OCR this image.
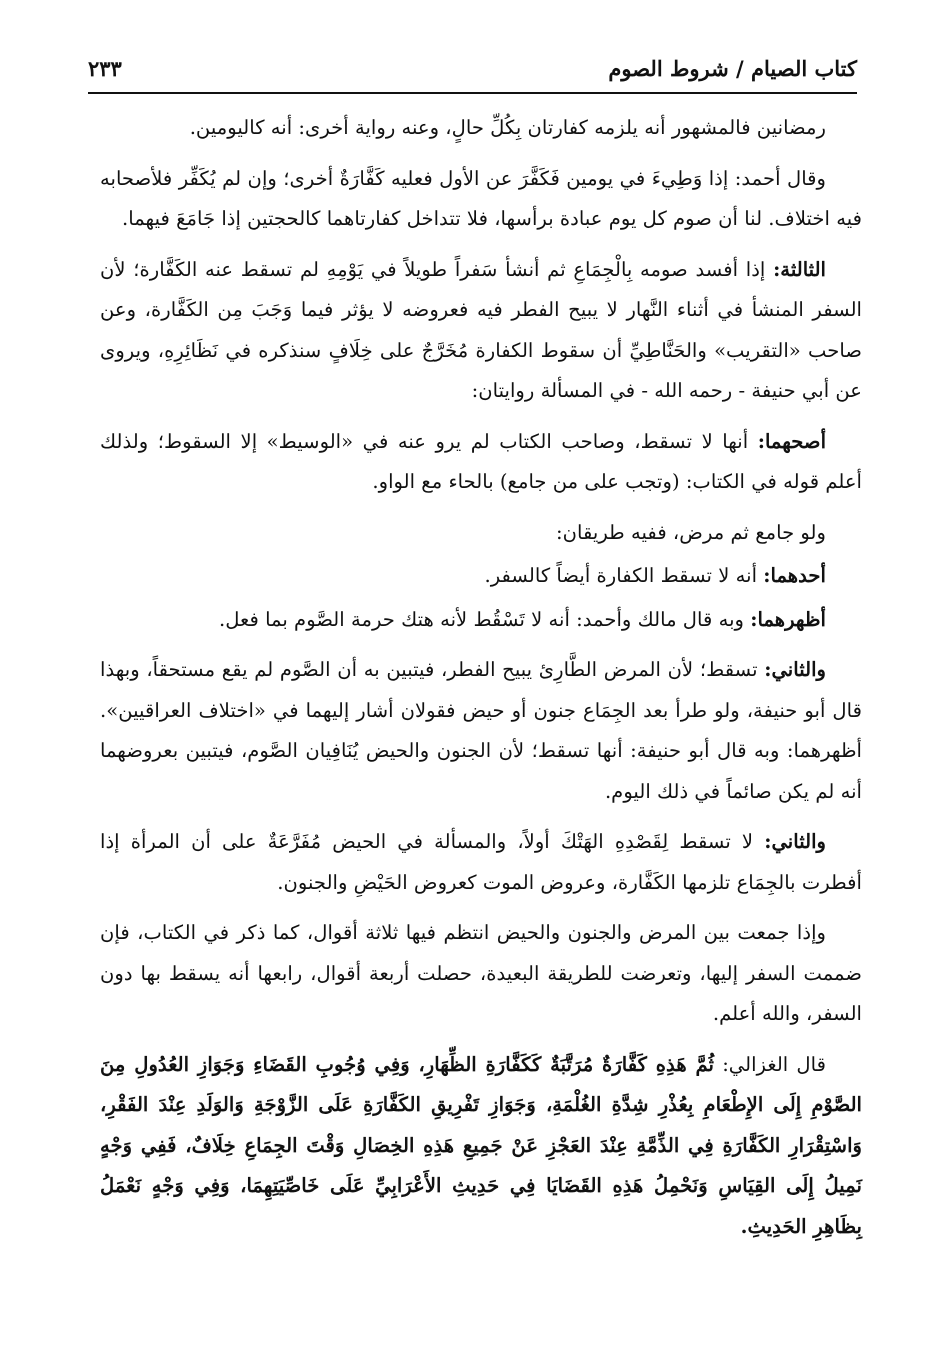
كتاب الصيام / شروط الصوم
٢٣٣

رمضانين فالمشهور أنه يلزمه كفارتان بِكُلِّ حالٍ، وعنه رواية أخرى: أنه كاليومين.

وقال أحمد: إذا وَطِيءَ في يومين فَكَفَّرَ عن الأول فعليه كَفَّارَةٌ أخرى؛ وإن لم يُكَفِّر فلأصحابه فيه اختلاف. لنا أن صوم كل يوم عبادة برأسها، فلا تتداخل كفارتاهما كالحجتين إذا جَامَعَ فيهما.

الثالثة: إذا أفسد صومه بِالْجِمَاعِ ثم أنشأ سَفراً طويلاً في يَوْمِهِ لم تسقط عنه الكَفَّارة؛ لأن السفر المنشأ في أثناء النَّهار لا يبيح الفطر فيه فعروضه لا يؤثر فيما وَجَبَ مِن الكَفَّارة، وعن صاحب «التقريب» والحَنَّاطِيِّ أن سقوط الكفارة مُخَرَّجٌ على خِلَافٍ سنذكره في نَظَائِرِهِ، ويروى عن أبي حنيفة - رحمه الله - في المسألة روايتان:

أصحهما: أنها لا تسقط، وصاحب الكتاب لم يرو عنه في «الوسيط» إلا السقوط؛ ولذلك أعلم قوله في الكتاب: (وتجب على من جامع) بالحاء مع الواو.

ولو جامع ثم مرض، ففيه طريقان:

أحدهما: أنه لا تسقط الكفارة أيضاً كالسفر.

أظهرهما: وبه قال مالك وأحمد: أنه لا تَسْقُط لأنه هتك حرمة الصَّوم بما فعل.

والثاني: تسقط؛ لأن المرض الطَّارِئ يبيح الفطر، فيتبين به أن الصَّوم لم يقع مستحقاً، وبهذا قال أبو حنيفة، ولو طرأ بعد الجِمَاع جنون أو حيض فقولان أشار إليهما في «اختلاف العراقيين». أظهرهما: وبه قال أبو حنيفة: أنها تسقط؛ لأن الجنون والحيض يُنَافِيان الصَّوم، فيتبين بعروضهما أنه لم يكن صائماً في ذلك اليوم.

والثاني: لا تسقط لِقَصْدِهِ الهَتْكَ أولاً، والمسألة في الحيض مُفَرَّعَةٌ على أن المرأة إذا أفطرت بالجِمَاع تلزمها الكَفَّارة، وعروض الموت كعروض الحَيْضِ والجنون.

وإذا جمعت بين المرض والجنون والحيض انتظم فيها ثلاثة أقوال، كما ذكر في الكتاب، فإن ضممت السفر إليها، وتعرضت للطريقة البعيدة، حصلت أربعة أقوال، رابعها أنه يسقط بها دون السفر، والله أعلم.

قال الغزالي: ثُمَّ هَذِهِ كَفَّارَةٌ مُرَتَّبَةٌ كَكَفَّارَةِ الظِّهَارِ، وَفِي وُجُوبِ القَضَاءِ وَجَوَازِ العُدُولِ مِنَ الصَّوْمِ إِلَى الإِطْعَامِ بِعُذْرِ شِدَّةِ الغُلْمَةِ، وَجَوَازِ تَفْرِيقِ الكَفَّارَةِ عَلَى الزَّوْجَةِ وَالوَلَدِ عِنْدَ الفَقْرِ، وَاسْتِقْرَارِ الكَفَّارَةِ فِي الذِّمَّةِ عِنْدَ العَجْزِ عَنْ جَمِيعِ هَذِهِ الخِصَالِ وَقْتَ الجِمَاعِ خِلَافٌ، فَفِي وَجْهٍ نَمِيلُ إِلَى القِيَاسِ وَنَحْمِلُ هَذِهِ القَضَايَا فِي حَدِيثِ الأَعْرَابِيِّ عَلَى خَاصِّيَتِهِمَا، وَفِي وَجْهٍ نَعْمَلُ بِظَاهِرِ الحَدِيثِ.
